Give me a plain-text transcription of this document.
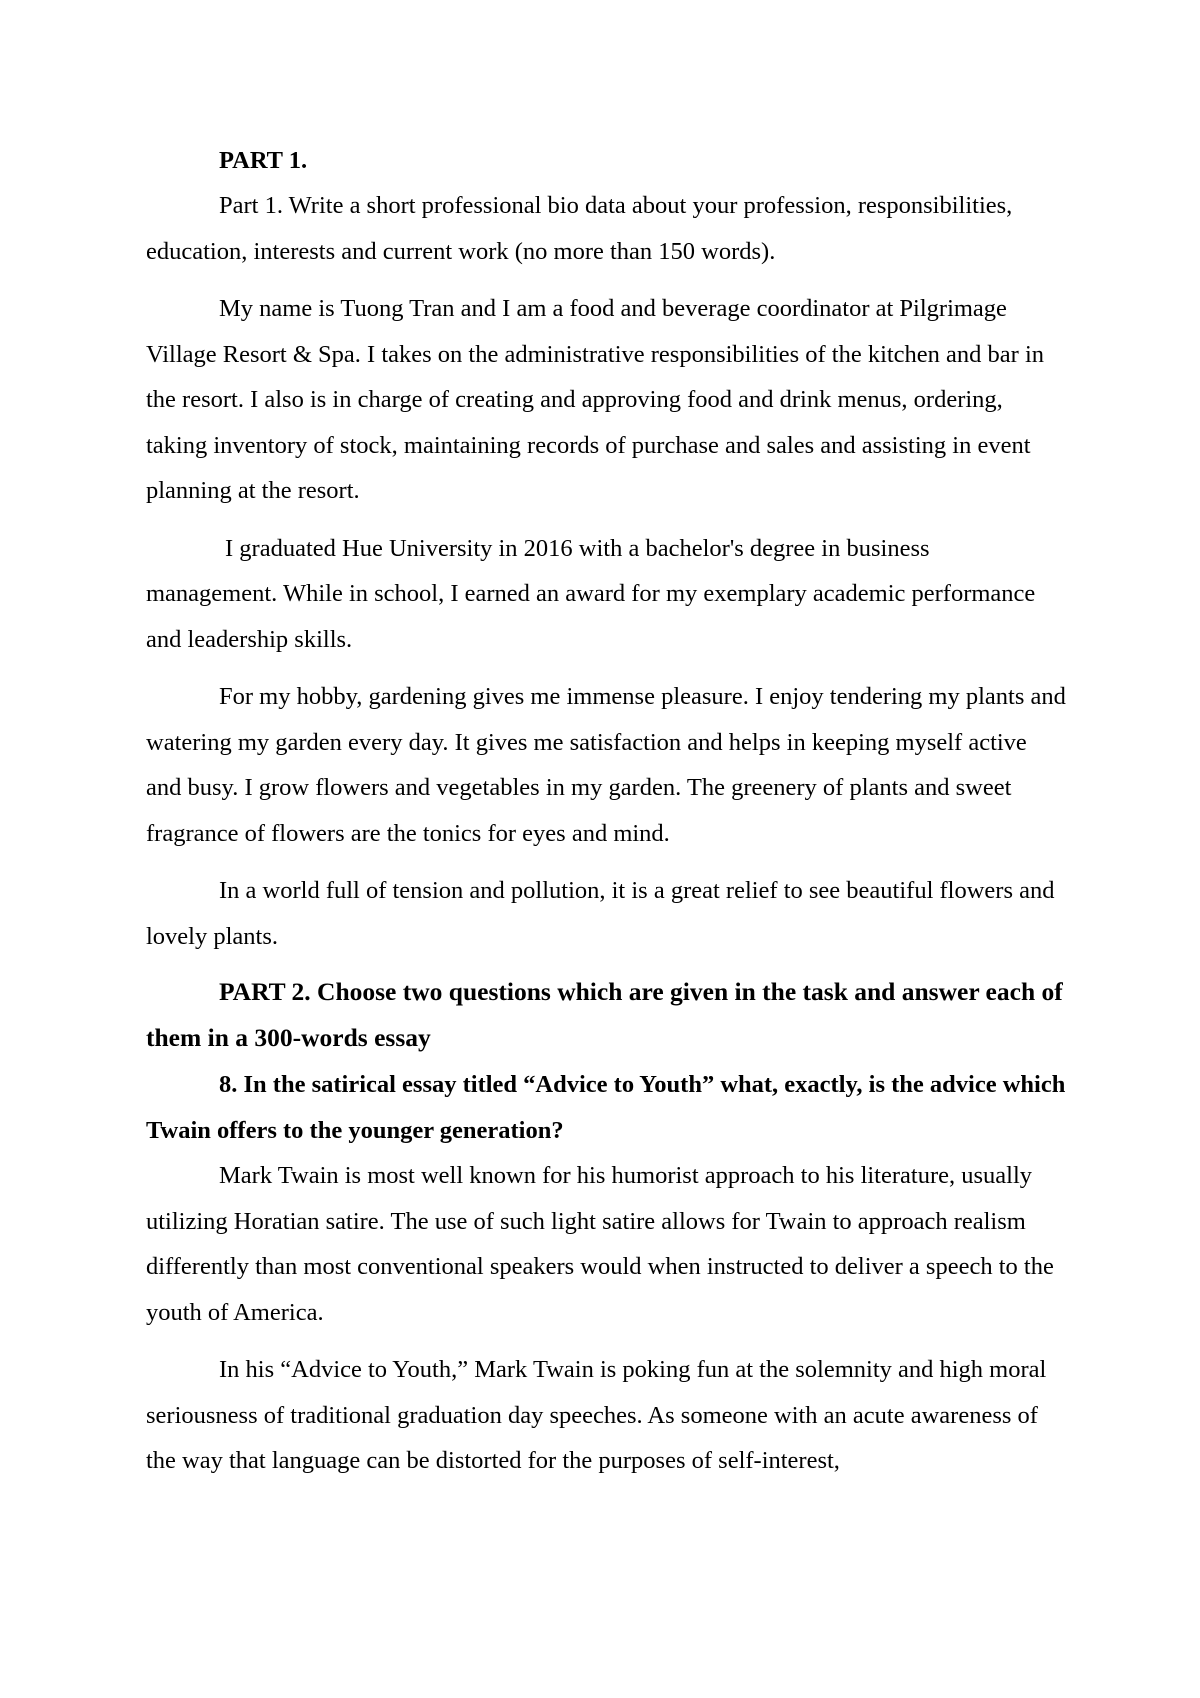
PART 1.

Part 1. Write a short professional bio data about your profession, responsibilities, education, interests and current work (no more than 150 words).

My name is Tuong Tran and I am a food and beverage coordinator at Pilgrimage Village Resort & Spa. I takes on the administrative responsibilities of the kitchen and bar in the resort. I also is in charge of creating and approving food and drink menus, ordering, taking inventory of stock, maintaining records of purchase and sales and assisting in event planning at the resort.

I graduated Hue University in 2016 with a bachelor's degree in business management. While in school, I earned an award for my exemplary academic performance and leadership skills.

For my hobby, gardening gives me immense pleasure. I enjoy tendering my plants and watering my garden every day. It gives me satisfaction and helps in keeping myself active and busy. I grow flowers and vegetables in my garden. The greenery of plants and sweet fragrance of flowers are the tonics for eyes and mind.

In a world full of tension and pollution, it is a great relief to see beautiful flowers and lovely plants.

PART 2. Choose two questions which are given in the task and answer each of them in a 300-words essay

8. In the satirical essay titled “Advice to Youth” what, exactly, is the advice which Twain offers to the younger generation?

Mark Twain is most well known for his humorist approach to his literature, usually utilizing Horatian satire. The use of such light satire allows for Twain to approach realism differently than most conventional speakers would when instructed to deliver a speech to the youth of America.

In his “Advice to Youth,” Mark Twain is poking fun at the solemnity and high moral seriousness of traditional graduation day speeches. As someone with an acute awareness of the way that language can be distorted for the purposes of self-interest,
